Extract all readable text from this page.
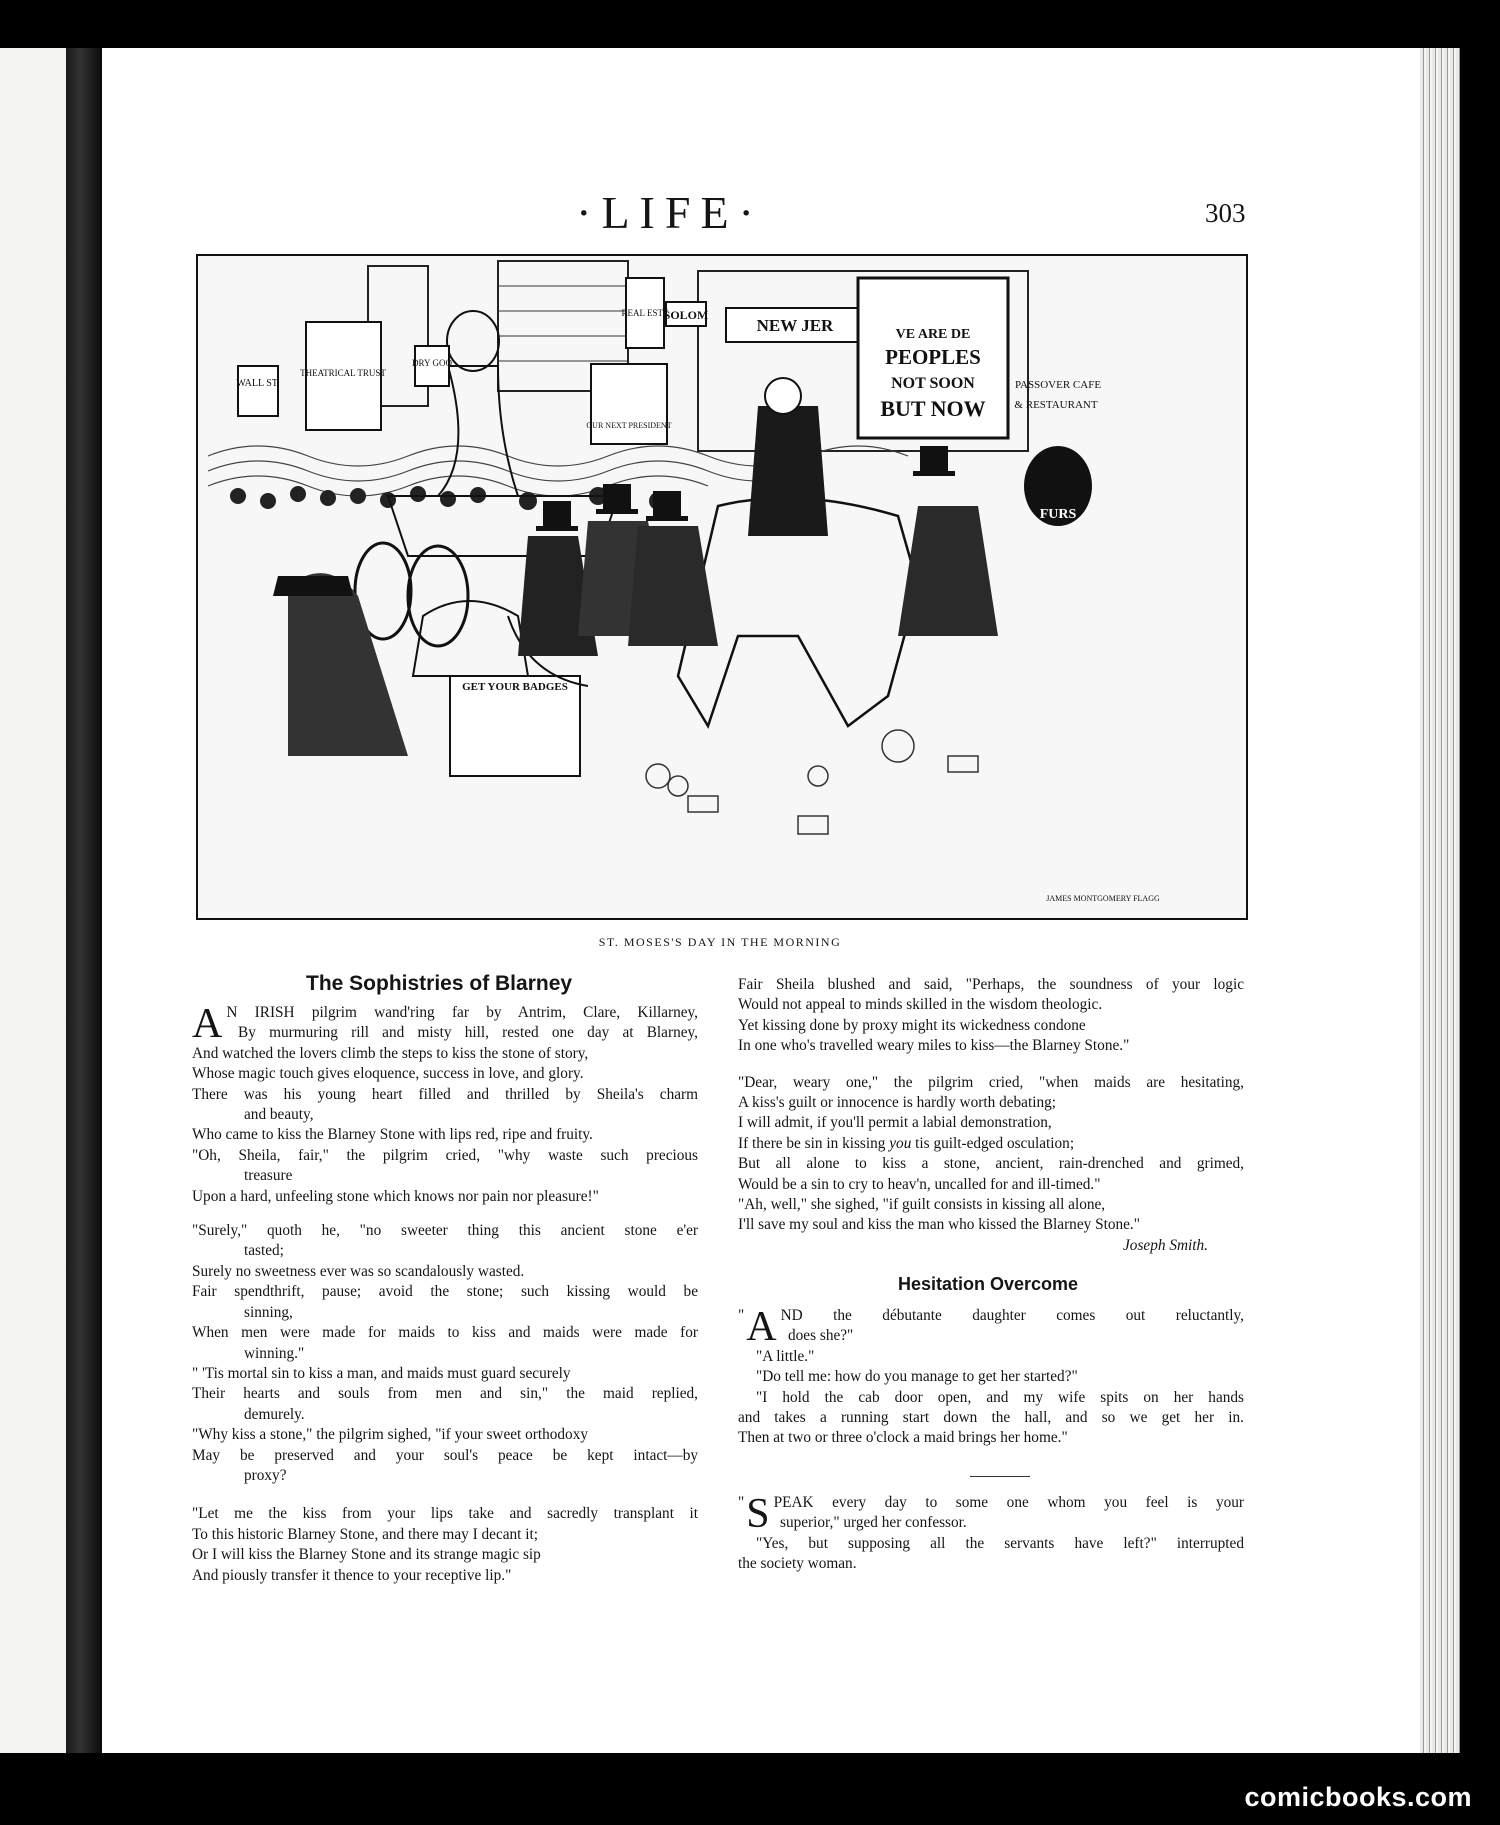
·LIFE·	303
WALL ST.
THEATRICAL TRUST
DRY GOO
REAL ESTE
SOLOM
NEW JER
OUR NEXT PRESIDENT
VE ARE DE
PEOPLES
NOT SOON
BUT NOW
PASSOVER CAFE
& RESTAURANT
FURS
GET YOUR BADGES
JAMES MONTGOMERY FLAGG
ST. MOSES'S DAY IN THE MORNING
The Sophistries of Blarney

A N IRISH pilgrim wand'ring far by Antrim, Clare, Killarney,

By murmuring rill and misty hill, rested one day at Blarney,

And watched the lovers climb the steps to kiss the stone of story,

Whose magic touch gives eloquence, success in love, and glory.

There was his young heart filled and thrilled by Sheila's charm

and beauty,

Who came to kiss the Blarney Stone with lips red, ripe and fruity.

"Oh, Sheila, fair," the pilgrim cried, "why waste such precious

treasure

Upon a hard, unfeeling stone which knows nor pain nor pleasure!"

"Surely," quoth he, "no sweeter thing this ancient stone e'er

tasted;

Surely no sweetness ever was so scandalously wasted.

Fair spendthrift, pause; avoid the stone; such kissing would be

sinning,

When men were made for maids to kiss and maids were made for

winning."

" 'Tis mortal sin to kiss a man, and maids must guard securely

Their hearts and souls from men and sin," the maid replied,

demurely.

"Why kiss a stone," the pilgrim sighed, "if your sweet orthodoxy

May be preserved and your soul's peace be kept intact—by

proxy?

"Let me the kiss from your lips take and sacredly transplant it

To this historic Blarney Stone, and there may I decant it;

Or I will kiss the Blarney Stone and its strange magic sip

And piously transfer it thence to your receptive lip."

Fair Sheila blushed and said, "Perhaps, the soundness of your logic

Would not appeal to minds skilled in the wisdom theologic.

Yet kissing done by proxy might its wickedness condone

In one who's travelled weary miles to kiss—the Blarney Stone."

"Dear, weary one," the pilgrim cried, "when maids are hesitating,

A kiss's guilt or innocence is hardly worth debating;

I will admit, if you'll permit a labial demonstration,

If there be sin in kissing you tis guilt-edged osculation;

But all alone to kiss a stone, ancient, rain-drenched and grimed,

Would be a sin to cry to heav'n, uncalled for and ill-timed."

"Ah, well," she sighed, "if guilt consists in kissing all alone,

I'll save my soul and kiss the man who kissed the Blarney Stone."

Joseph Smith.

Hesitation Overcome

" A ND the débutante daughter comes out reluctantly,

does she?"

"A little."

"Do tell me: how do you manage to get her started?"

"I hold the cab door open, and my wife spits on her hands

and takes a running start down the hall, and so we get her in.

Then at two or three o'clock a maid brings her home."

" S PEAK every day to some one whom you feel is your

superior," urged her confessor.

"Yes, but supposing all the servants have left?" interrupted

the society woman.

comicbooks.com
